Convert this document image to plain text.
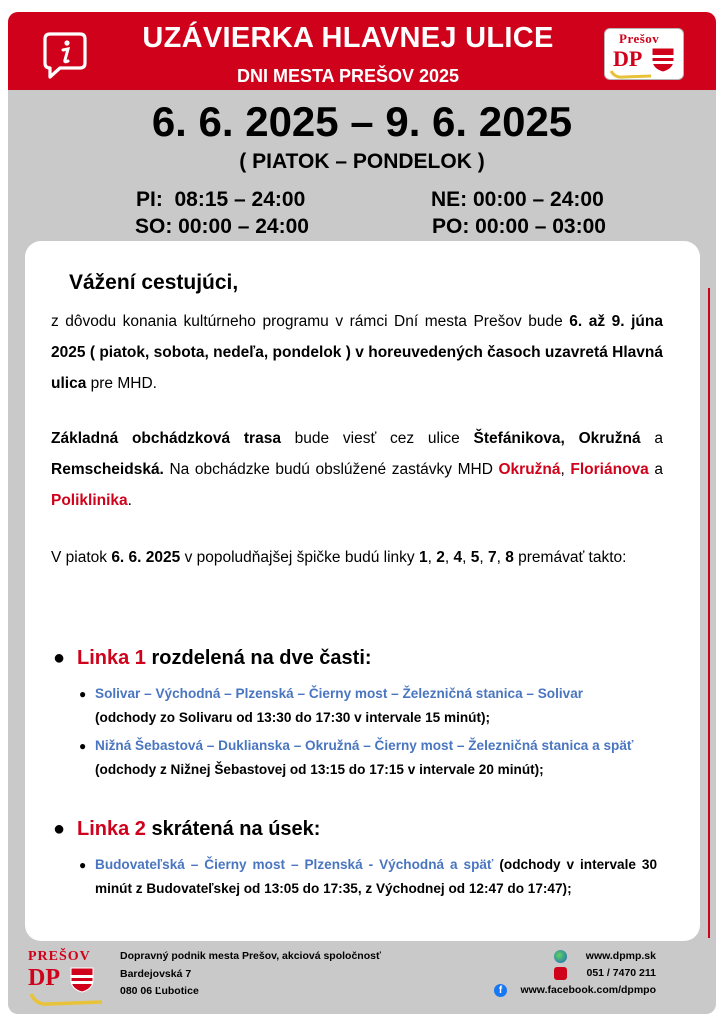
UZÁVIERKA HLAVNEJ ULICE
DNI MESTA PREŠOV 2025
Prešov
DP
6. 6. 2025 – 9. 6. 2025
( PIATOK – PONDELOK )
PI:  08:15 – 24:00
SO: 00:00 – 24:00
NE: 00:00 – 24:00
PO: 00:00 – 03:00
Vážení cestujúci,
z dôvodu konania kultúrneho programu v rámci Dní mesta Prešov bude 6. až 9. júna 2025 ( piatok, sobota, nedeľa, pondelok ) v horeuvedených časoch uzavretá Hlavná ulica pre MHD.
Základná obchádzková trasa bude viesť cez ulice Štefánikova, Okružná a Remscheidská. Na obchádzke budú obslúžené zastávky MHD Okružná, Floriánova a Poliklinika.
V piatok 6. 6. 2025 v popoludňajšej špičke budú linky 1, 2, 4, 5, 7, 8 premávať takto:
● Linka 1 rozdelená na dve časti:
● Solivar – Východná – Plzenská – Čierny most – Železničná stanica – Solivar
(odchody zo Solivaru od 13:30 do 17:30 v intervale 15 minút);
● Nižná Šebastová – Duklianska – Okružná – Čierny most – Železničná stanica a späť
(odchody z Nižnej Šebastovej od 13:15 do 17:15 v intervale 20 minút);
● Linka 2 skrátená na úsek:
● Budovateľská – Čierny most – Plzenská - Východná a späť (odchody v intervale 30 minút z Budovateľskej od 13:05 do 17:35, z Východnej od 12:47 do 17:47);
PREŠOV
DP
Dopravný podnik mesta Prešov, akciová spoločnosť
Bardejovská 7
080 06 Ľubotice	f
www.dpmp.sk
051 / 7470 211
www.facebook.com/dpmpo
